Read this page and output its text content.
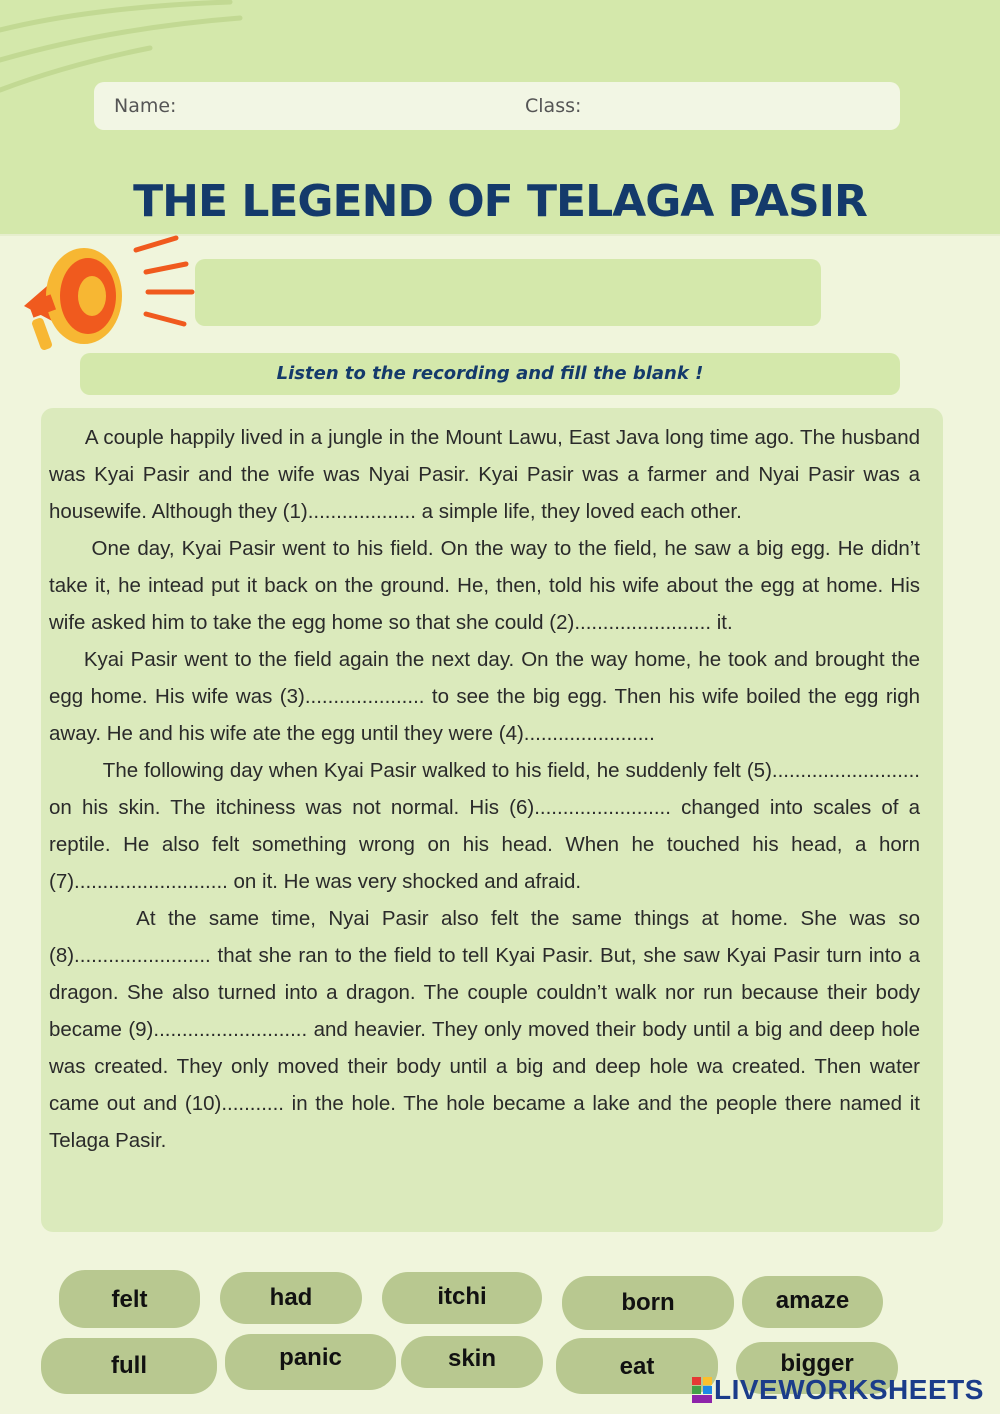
Name:	Class:
THE LEGEND OF TELAGA PASIR
Listen to the recording and fill the blank !

A couple happily lived in a jungle in the Mount Lawu, East Java long time ago. The husband was Kyai Pasir and the wife was Nyai Pasir. Kyai Pasir was a farmer and Nyai Pasir was a housewife. Although they (1)................... a simple life, they loved each other.

One day, Kyai Pasir went to his field. On the way to the field, he saw a big egg. He didn’t take it, he intead put it back on the ground. He, then, told his wife about the egg at home. His wife asked him to take the egg home so that she could (2)........................ it.

Kyai Pasir went to the field again the next day. On the way home, he took and brought the egg home. His wife was (3)..................... to see the big egg. Then his wife boiled the egg righ away. He and his wife ate the egg until they were (4).......................

The following day when Kyai Pasir walked to his field, he suddenly felt (5).......................... on his skin. The itchiness was not normal. His (6)........................ changed into scales of a reptile. He also felt something wrong on his head. When he touched his head, a horn (7)........................... on it. He was very shocked and afraid.

At the same time, Nyai Pasir also felt the same things at home. She was so (8)........................ that she ran to the field to tell Kyai Pasir. But, she saw Kyai Pasir turn into a dragon. She also turned into a dragon. The couple couldn’t walk nor run because their body became (9)........................... and heavier. They only moved their body until a big and deep hole was created. They only moved their body until a big and deep hole wa created. Then water came out and (10)........... in the hole. The hole became a lake and the people there named it Telaga Pasir.

felt	had	itchi	born	amaze
full	panic	skin	eat	bigger
LIVEWORKSHEETS
